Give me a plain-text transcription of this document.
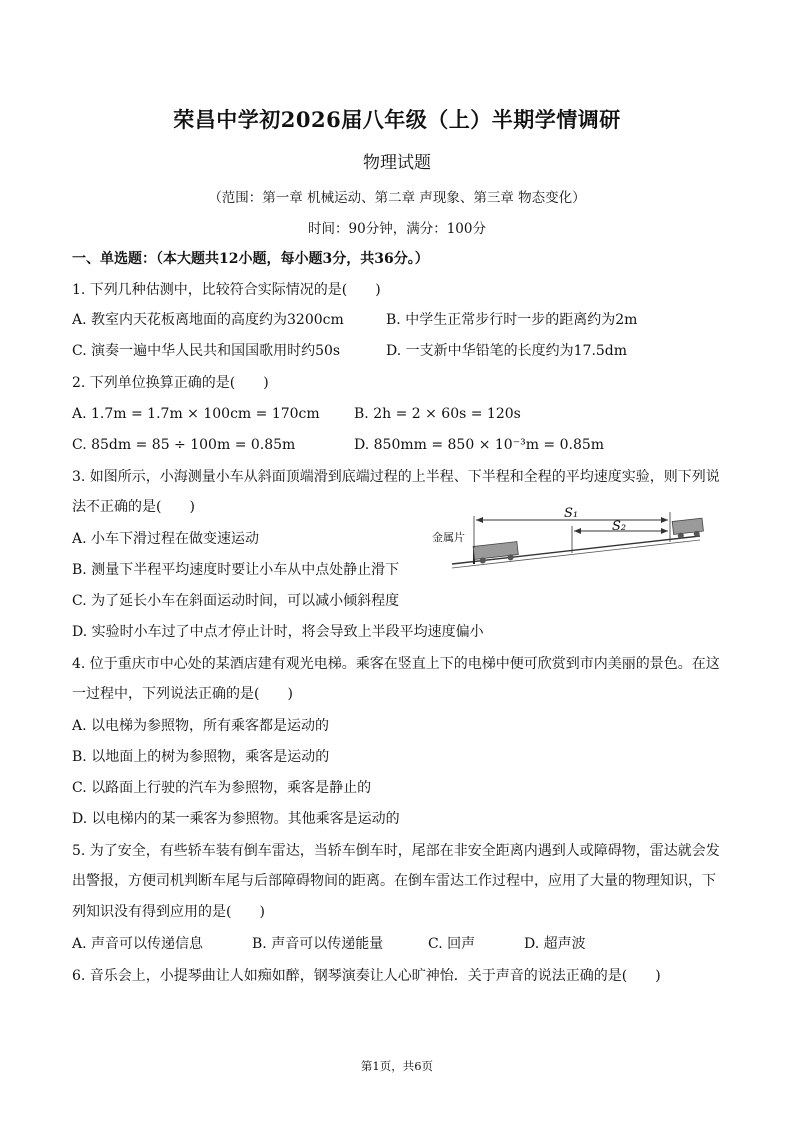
荣昌中学初2026届八年级（上）半期学情调研
物理试题
（范围：第一章 机械运动、第二章 声现象、第三章 物态变化）
时间：90分钟，满分：100分
一、单选题：（本大题共12小题，每小题3分，共36分。）
1. 下列几种估测中，比较符合实际情况的是(　　)
A. 教室内天花板离地面的高度约为3200cm	B. 中学生正常步行时一步的距离约为2m
C. 演奏一遍中华人民共和国国歌用时约50s	D. 一支新中华铅笔的长度约为17.5dm
2. 下列单位换算正确的是(　　)
A. 1.7m = 1.7m × 100cm = 170cm B. 2h = 2 × 60s = 120s
C. 85dm = 85 ÷ 100m = 0.85m	D. 850mm = 850 × 10⁻³m = 0.85m
3. 如图所示，小海测量小车从斜面顶端滑到底端过程的上半程、下半程和全程的平均速度实验，则下列说
法不正确的是(　　)
A. 小车下滑过程在做变速运动
B. 测量下半程平均速度时要让小车从中点处静止滑下
C. 为了延长小车在斜面运动时间，可以减小倾斜程度
D. 实验时小车过了中点才停止计时，将会导致上半段平均速度偏小
金属片
S₁
S₂
4. 位于重庆市中心处的某酒店建有观光电梯。乘客在竖直上下的电梯中便可欣赏到市内美丽的景色。在这
一过程中，下列说法正确的是(　　)
A. 以电梯为参照物，所有乘客都是运动的
B. 以地面上的树为参照物，乘客是运动的
C. 以路面上行驶的汽车为参照物，乘客是静止的
D. 以电梯内的某一乘客为参照物。其他乘客是运动的
5. 为了安全，有些轿车装有倒车雷达，当轿车倒车时，尾部在非安全距离内遇到人或障碍物，雷达就会发
出警报，方便司机判断车尾与后部障碍物间的距离。在倒车雷达工作过程中，应用了大量的物理知识，下
列知识没有得到应用的是(　　)
A. 声音可以传递信息	B. 声音可以传递能量	C. 回声	D. 超声波
6. 音乐会上，小提琴曲让人如痴如醉，钢琴演奏让人心旷神怡．关于声音的说法正确的是(　　)
第1页，共6页
